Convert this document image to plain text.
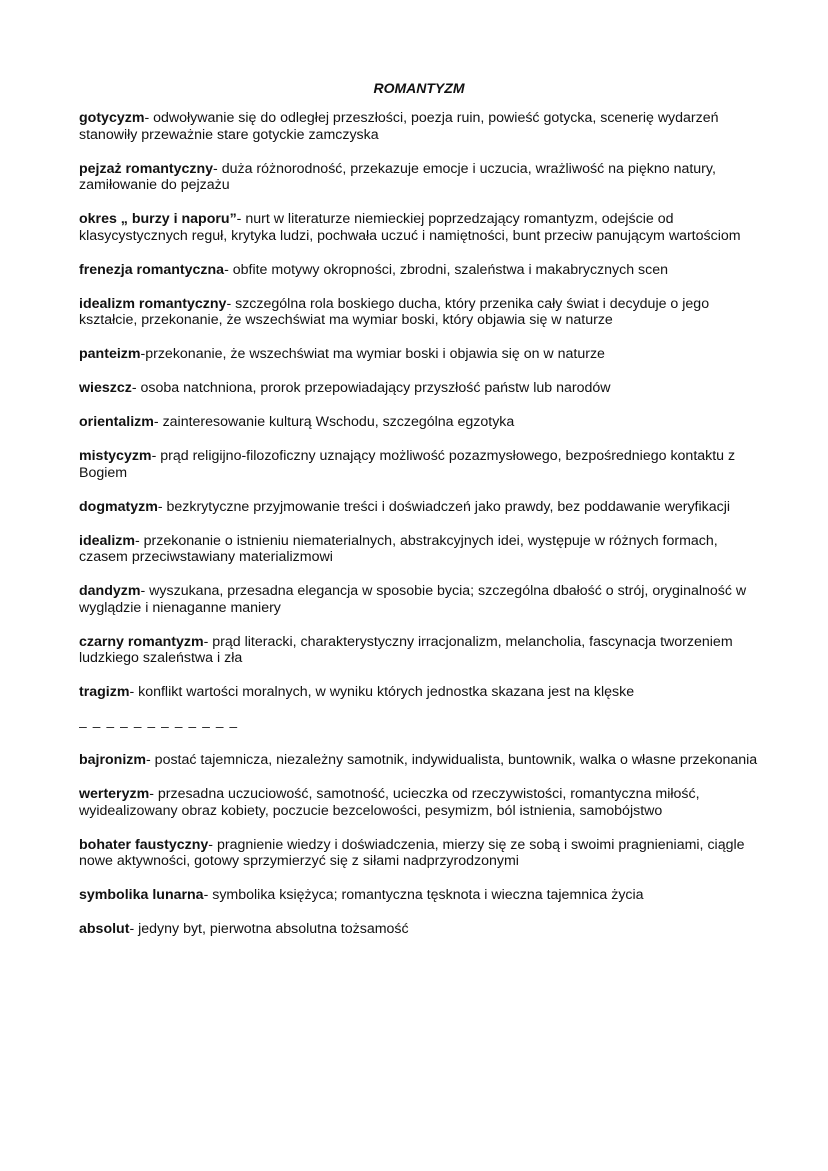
ROMANTYZM
gotycyzm- odwoływanie się do odległej przeszłości, poezja ruin, powieść gotycka, scenerię wydarzeń stanowiły przeważnie stare gotyckie zamczyska
pejzaż romantyczny- duża różnorodność, przekazuje emocje i uczucia, wrażliwość na piękno natury, zamiłowanie do pejzażu
okres „ burzy i naporu”- nurt w literaturze niemieckiej poprzedzający romantyzm, odejście od klasycystycznych reguł, krytyka ludzi, pochwała uczuć i namiętności, bunt przeciw panującym wartościom
frenezja romantyczna- obfite motywy okropności, zbrodni, szaleństwa i makabrycznych scen
idealizm romantyczny- szczególna rola boskiego ducha, który przenika cały świat i decyduje o jego kształcie, przekonanie, że wszechświat ma wymiar boski, który objawia się w naturze
panteizm-przekonanie, że wszechświat ma wymiar boski i objawia się on w naturze
wieszcz- osoba natchniona, prorok przepowiadający przyszłość państw lub narodów
orientalizm- zainteresowanie kulturą Wschodu, szczególna egzotyka
mistycyzm- prąd religijno-filozoficzny uznający możliwość pozazmysłowego, bezpośredniego kontaktu z Bogiem
dogmatyzm- bezkrytyczne przyjmowanie treści i doświadczeń jako prawdy, bez poddawanie weryfikacji
idealizm- przekonanie o istnieniu niematerialnych, abstrakcyjnych idei, występuje w różnych formach, czasem przeciwstawiany materializmowi
dandyzm- wyszukana, przesadna elegancja w sposobie bycia; szczególna dbałość o strój, oryginalność w wyglądzie i nienaganne maniery
czarny romantyzm- prąd literacki, charakterystyczny irracjonalizm, melancholia, fascynacja tworzeniem ludzkiego szaleństwa i zła
tragizm- konflikt wartości moralnych, w wyniku których jednostka skazana jest na klęske
– – – – – – – – – – – –
bajronizm- postać tajemnicza, niezależny samotnik, indywidualista, buntownik, walka o własne przekonania
werteryzm- przesadna uczuciowość, samotność, ucieczka od rzeczywistości, romantyczna miłość, wyidealizowany obraz kobiety, poczucie bezcelowości, pesymizm, ból istnienia, samobójstwo
bohater faustyczny- pragnienie wiedzy i doświadczenia, mierzy się ze sobą i swoimi pragnieniami, ciągle nowe aktywności, gotowy sprzymierzyć się z siłami nadprzyrodzonymi
symbolika lunarna- symbolika księżyca; romantyczna tęsknota i wieczna tajemnica życia
absolut- jedyny byt, pierwotna absolutna tożsamość
